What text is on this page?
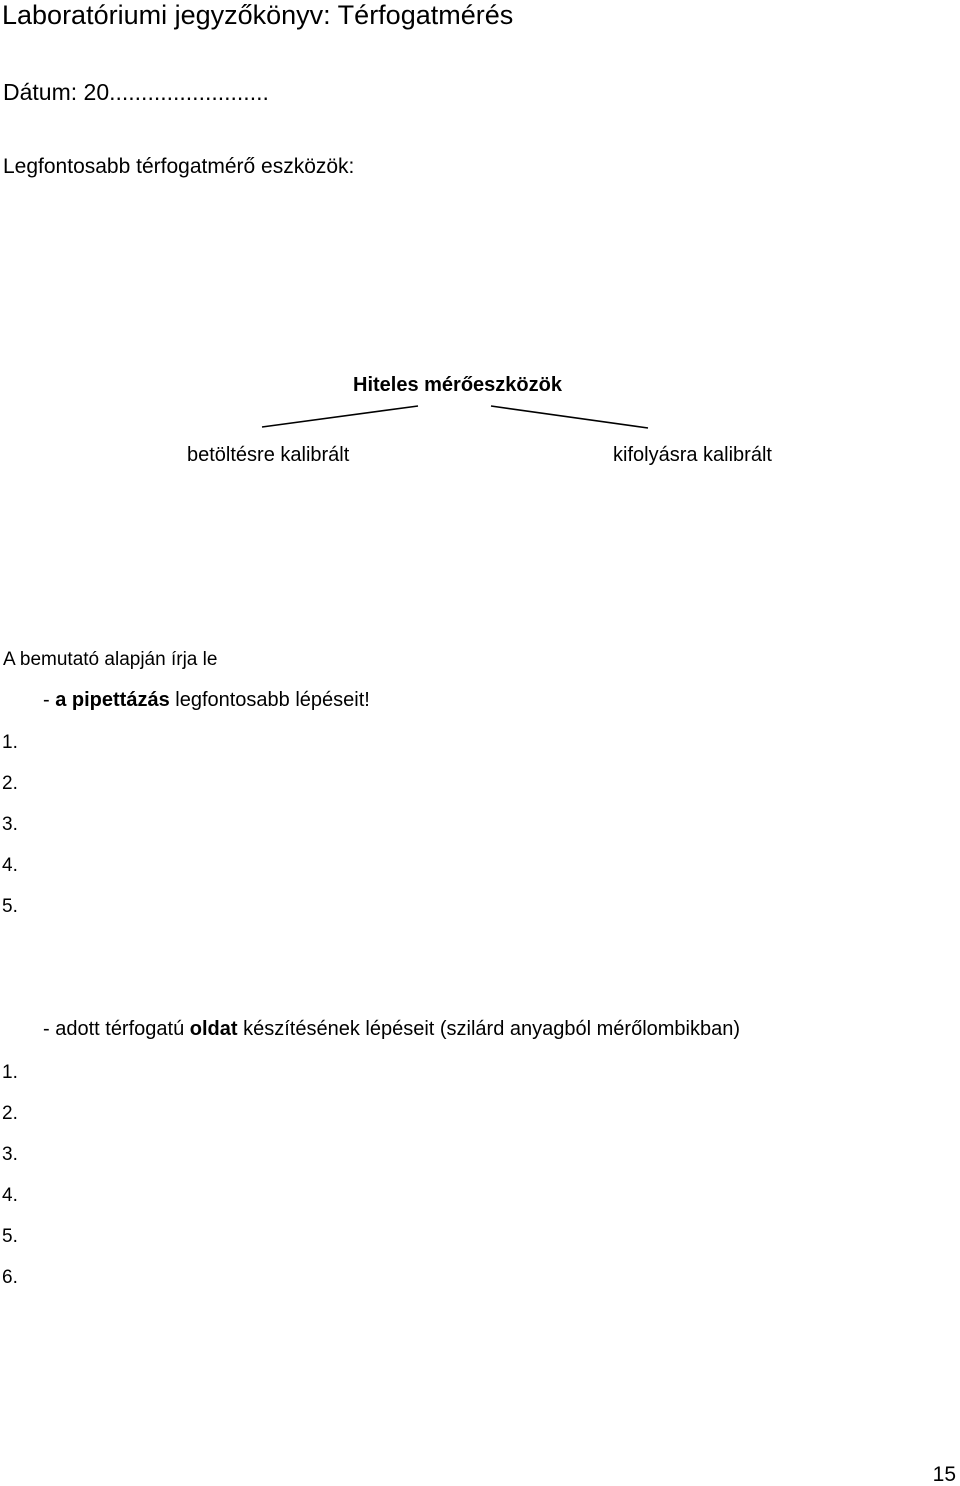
Laboratóriumi jegyzőkönyv: Térfogatmérés
Dátum: 20.........................
Legfontosabb térfogatmérő eszközök:
Hiteles mérőeszközök
betöltésre kalibrált	kifolyásra kalibrált
A bemutató alapján írja le
- a pipettázás legfontosabb lépéseit!
1.
2.
3.
4.
5.
- adott térfogatú oldat készítésének lépéseit (szilárd anyagból mérőlombikban)
1.
2.
3.
4.
5.
6.
15
